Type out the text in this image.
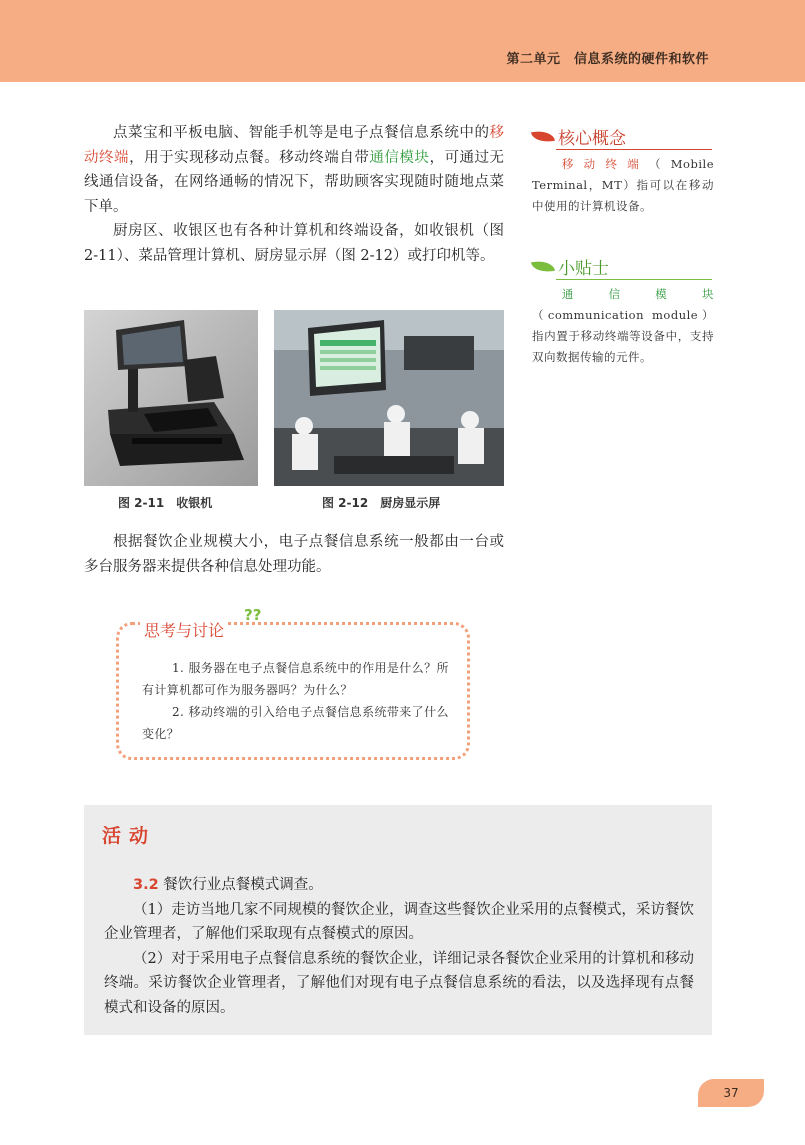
第二单元　信息系统的硬件和软件

点菜宝和平板电脑、智能手机等是电子点餐信息系统中的移动终端，用于实现移动点餐。移动终端自带通信模块，可通过无线通信设备，在网络通畅的情况下，帮助顾客实现随时随地点菜下单。

厨房区、收银区也有各种计算机和终端设备，如收银机（图 2-11）、菜品管理计算机、厨房显示屏（图 2-12）或打印机等。

核心概念

移动终端（Mobile Terminal，MT）指可以在移动中使用的计算机设备。

小贴士

通信模块（communication module）指内置于移动终端等设备中，支持双向数据传输的元件。

图 2-11　收银机	图 2-12　厨房显示屏

根据餐饮企业规模大小，电子点餐信息系统一般都由一台或多台服务器来提供各种信息处理功能。

思考与讨论
??

1. 服务器在电子点餐信息系统中的作用是什么？所有计算机都可作为服务器吗？为什么？

2. 移动终端的引入给电子点餐信息系统带来了什么变化？

活动

3.2 餐饮行业点餐模式调查。

（1）走访当地几家不同规模的餐饮企业，调查这些餐饮企业采用的点餐模式，采访餐饮企业管理者，了解他们采取现有点餐模式的原因。

（2）对于采用电子点餐信息系统的餐饮企业，详细记录各餐饮企业采用的计算机和移动终端。采访餐饮企业管理者，了解他们对现有电子点餐信息系统的看法，以及选择现有点餐模式和设备的原因。

37
